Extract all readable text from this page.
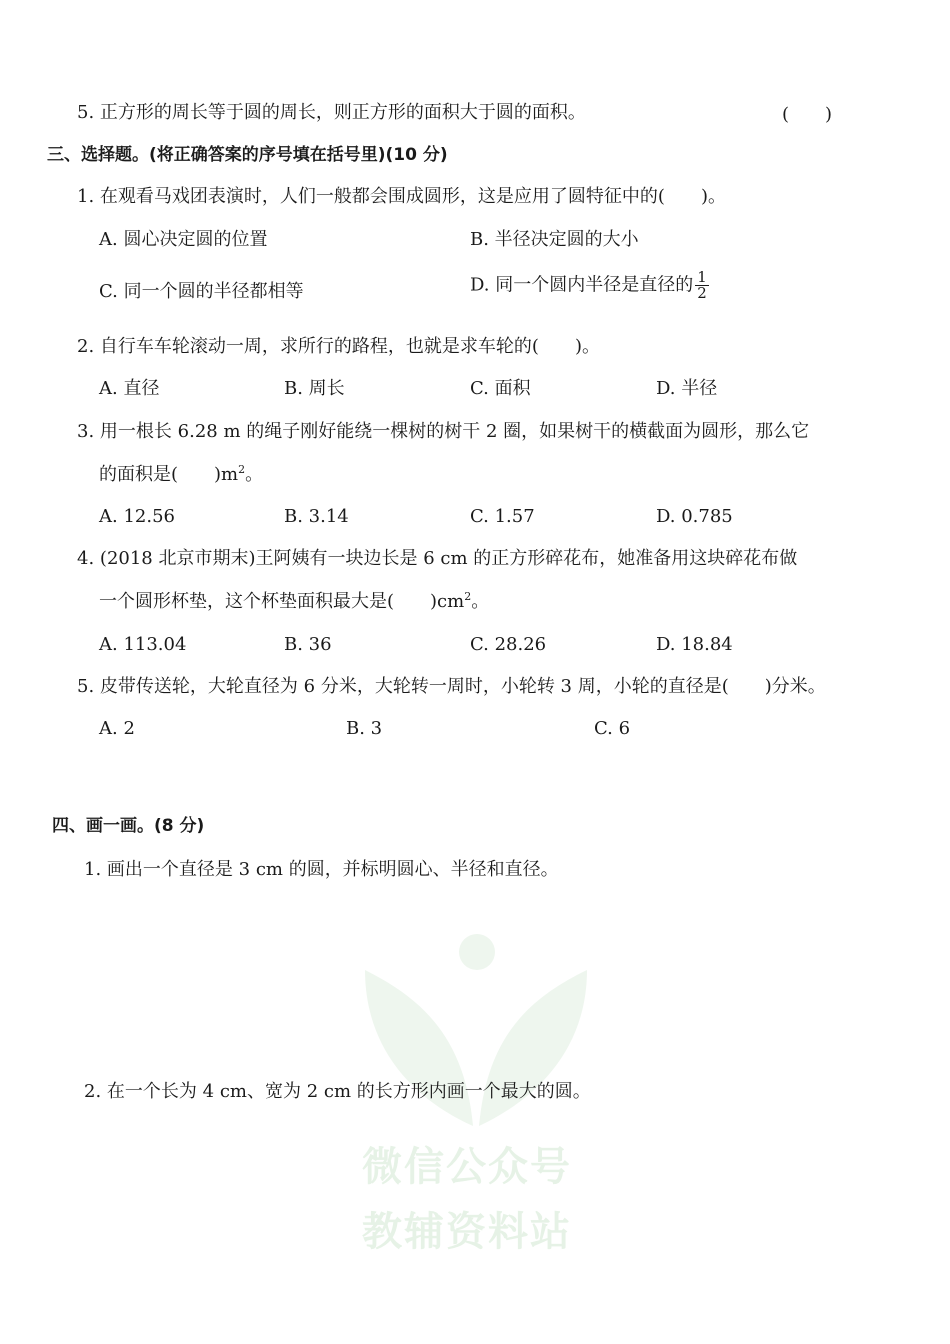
微信公众号
教辅资料站
5. 正方形的周长等于圆的周长，则正方形的面积大于圆的面积。	(　　)
三、选择题。(将正确答案的序号填在括号里)(10 分)
1. 在观看马戏团表演时，人们一般都会围成圆形，这是应用了圆特征中的(　　)。
A. 圆心决定圆的位置	B. 半径决定圆的大小
C. 同一个圆的半径都相等	D. 同一个圆内半径是直径的 $\frac{1}{2}$
2. 自行车车轮滚动一周，求所行的路程，也就是求车轮的(　　)。
A. 直径	B. 周长	C. 面积	D. 半径
3. 用一根长 6.28 m 的绳子刚好能绕一棵树的树干 2 圈，如果树干的横截面为圆形，那么它
的面积是(　　)$m^2$。
A. 12.56	B. 3.14	C. 1.57	D. 0.785
4. (2018 北京市期末)王阿姨有一块边长是 6 cm 的正方形碎花布，她准备用这块碎花布做
一个圆形杯垫，这个杯垫面积最大是(　　)$cm^2$。
A. 113.04	B. 36	C. 28.26	D. 18.84
5. 皮带传送轮，大轮直径为 6 分米，大轮转一周时，小轮转 3 周，小轮的直径是(　　)分米。
A. 2	B. 3	C. 6
四、画一画。(8 分)
1. 画出一个直径是 3 cm 的圆，并标明圆心、半径和直径。
2. 在一个长为 4 cm、宽为 2 cm 的长方形内画一个最大的圆。
